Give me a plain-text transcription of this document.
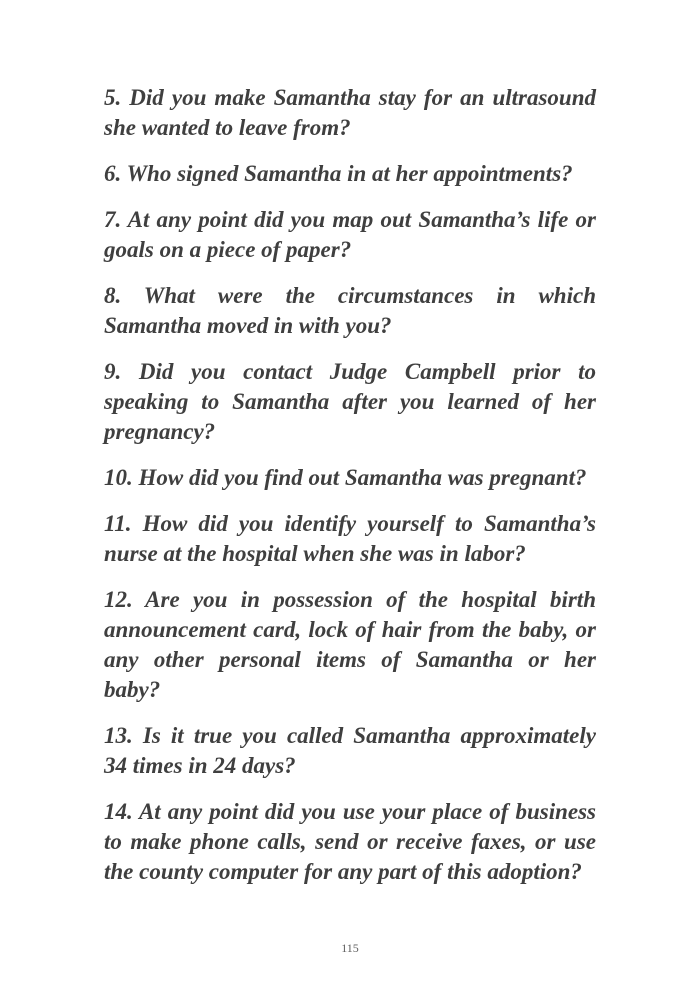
5. Did you make Samantha stay for an ultrasound
she wanted to leave from?

6. Who signed Samantha in at her appointments?

7. At any point did you map out Samantha’s life or
goals on a piece of paper?

8. What were the circumstances in which
Samantha moved in with you?

9. Did you contact Judge Campbell prior to
speaking to Samantha after you learned of her
pregnancy?

10. How did you find out Samantha was pregnant?

11. How did you identify yourself to Samantha’s
nurse at the hospital when she was in labor?

12. Are you in possession of the hospital birth
announcement card, lock of hair from the baby, or
any other personal items of Samantha or her
baby?

13. Is it true you called Samantha approximately
34 times in 24 days?

14. At any point did you use your place of business
to make phone calls, send or receive faxes, or use
the county computer for any part of this adoption?

115
